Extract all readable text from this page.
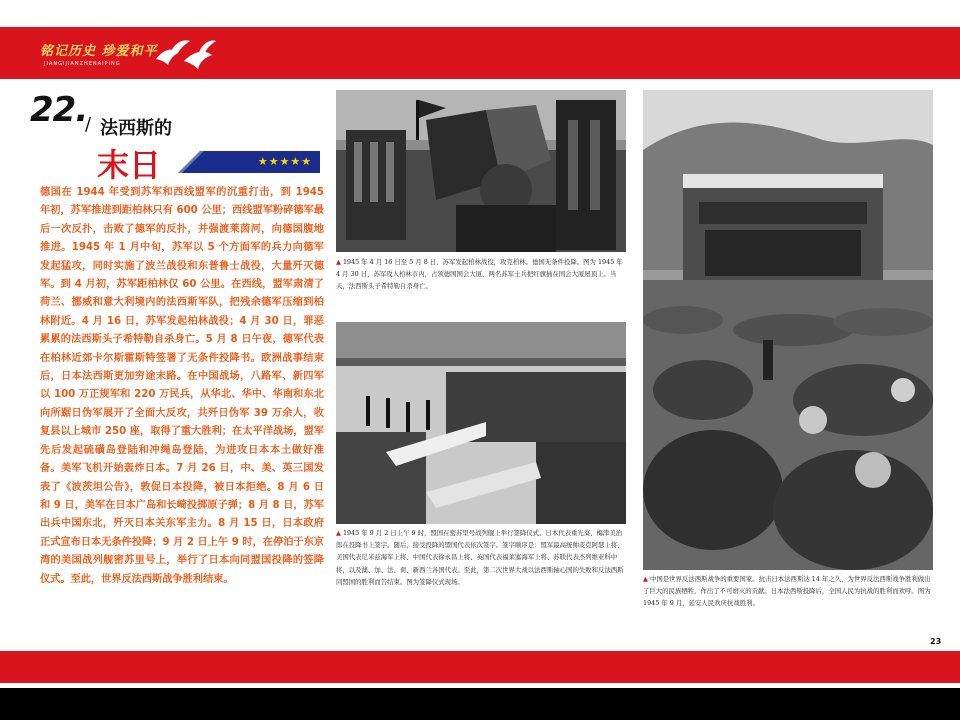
铭记历史 珍爱和平
JIANGIJIANZHENAIPING
22.
/ 法西斯的
末日	★★★★★
德国在 1944 年受到苏军和西线盟军的沉重打击，到 1945 年初，苏军推进到距柏林只有 600 公里；西线盟军粉碎德军最后一次反扑，击败了德军的反扑，并强渡莱茵河，向德国腹地推进。1945 年 1 月中旬，苏军以 5 个方面军的兵力向德军发起猛攻，同时实施了波兰战役和东普鲁士战役，大量歼灭德军。到 4 月初，苏军距柏林仅 60 公里。在西线，盟军肃清了荷兰、挪威和意大利境内的法西斯军队，把残余德军压缩到柏林附近。4 月 16 日，苏军发起柏林战役；4 月 30 日，罪恶累累的法西斯头子希特勒自杀身亡。5 月 8 日午夜，德军代表在柏林近郊卡尔斯霍斯特签署了无条件投降书。欧洲战事结束后，日本法西斯更加穷途末路。在中国战场，八路军、新四军以 100 万正规军和 220 万民兵，从华北、华中、华南和东北向所踞日伪军展开了全面大反攻，共歼日伪军 39 万余人，收复县以上城市 250 座，取得了重大胜利；在太平洋战场，盟军先后发起硫磺岛登陆和冲绳岛登陆，为进攻日本本土做好准备。美军飞机开始轰炸日本。7 月 26 日，中、美、英三国发表了《波茨坦公告》，敦促日本投降，被日本拒绝。8 月 6 日和 9 日，美军在日本广岛和长崎投掷原子弹；8 月 8 日，苏军出兵中国东北，歼灭日本关东军主力。8 月 15 日，日本政府正式宣布日本无条件投降；9 月 2 日上午 9 时，在停泊于东京湾的美国战列舰密苏里号上，举行了日本向同盟国投降的签降仪式。至此，世界反法西斯战争胜利结束。
▲ 1945 年 4 月 16 日至 5 月 8 日，苏军发起柏林战役，攻克柏林。德国无条件投降。图为 1945 年 4 月 30 日，苏军攻入柏林市内，占领德国国会大厦，两名苏军士兵把红旗插在国会大厦屋顶上。当天，法西斯头子希特勒自杀身亡。
▲ 1945 年 9 月 2 日上午 9 时，盟国在密苏里号战列舰上举行签降仪式。日本代表重光葵、梅津美治郎在投降书上签字。随后，接受投降的盟国代表依次签字。签字顺序是：盟军最高统帅麦克阿瑟上将、美国代表尼米兹海军上将、中国代表徐永昌上将、英国代表福莱塞海军上将、苏联代表杰列维亚科中将，以及澳、加、法、荷、新西兰各国代表。至此，第二次世界大战以法西斯轴心国的失败和反法西斯同盟国的胜利而告结束。图为签降仪式现场。	▲ 中国是世界反法西斯战争的重要国家。抗击日本法西斯达 14 年之久，为世界反法西斯战争胜利做出了巨大的民族牺牲，作出了不可磨灭的贡献。日本法西斯投降后，全国人民为抗战的胜利而欢呼。图为 1945 年 9 月，延安人民欢庆抗战胜利。
23
